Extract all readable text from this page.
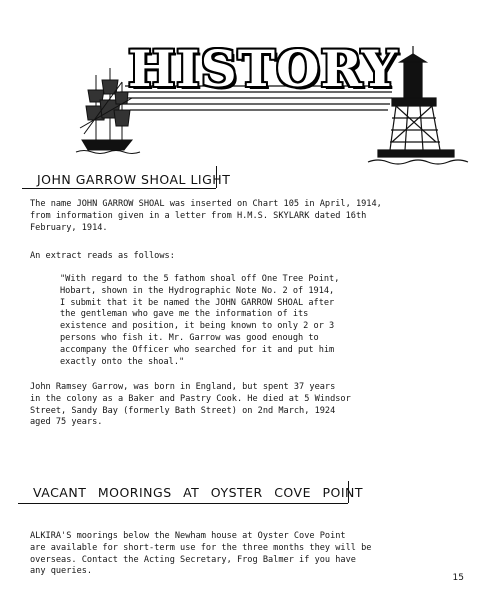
HISTORY
JOHN GARROW SHOAL LIGHT
The name JOHN GARROW SHOAL was inserted on Chart 105 in April, 1914,
from information given in a letter from H.M.S. SKYLARK dated 16th
February, 1914.
An extract reads as follows:
"With regard to the 5 fathom shoal off One Tree Point,
Hobart, shown in the Hydrographic Note No. 2 of 1914,
I submit that it be named the JOHN GARROW SHOAL after
the gentleman who gave me the information of its
existence and position, it being known to only 2 or 3
persons who fish it. Mr. Garrow was good enough to
accompany the Officer who searched for it and put him
exactly onto the shoal."
John Ramsey Garrow, was born in England, but spent 37 years
in the colony as a Baker and Pastry Cook. He died at 5 Windsor
Street, Sandy Bay (formerly Bath Street) on 2nd March, 1924
aged 75 years.
VACANT MOORINGS AT OYSTER COVE POINT
ALKIRA'S moorings below the Newham house at Oyster Cove Point
are available for short-term use for the three months they will be
overseas. Contact the Acting Secretary, Frog Balmer if you have
any queries.
15
